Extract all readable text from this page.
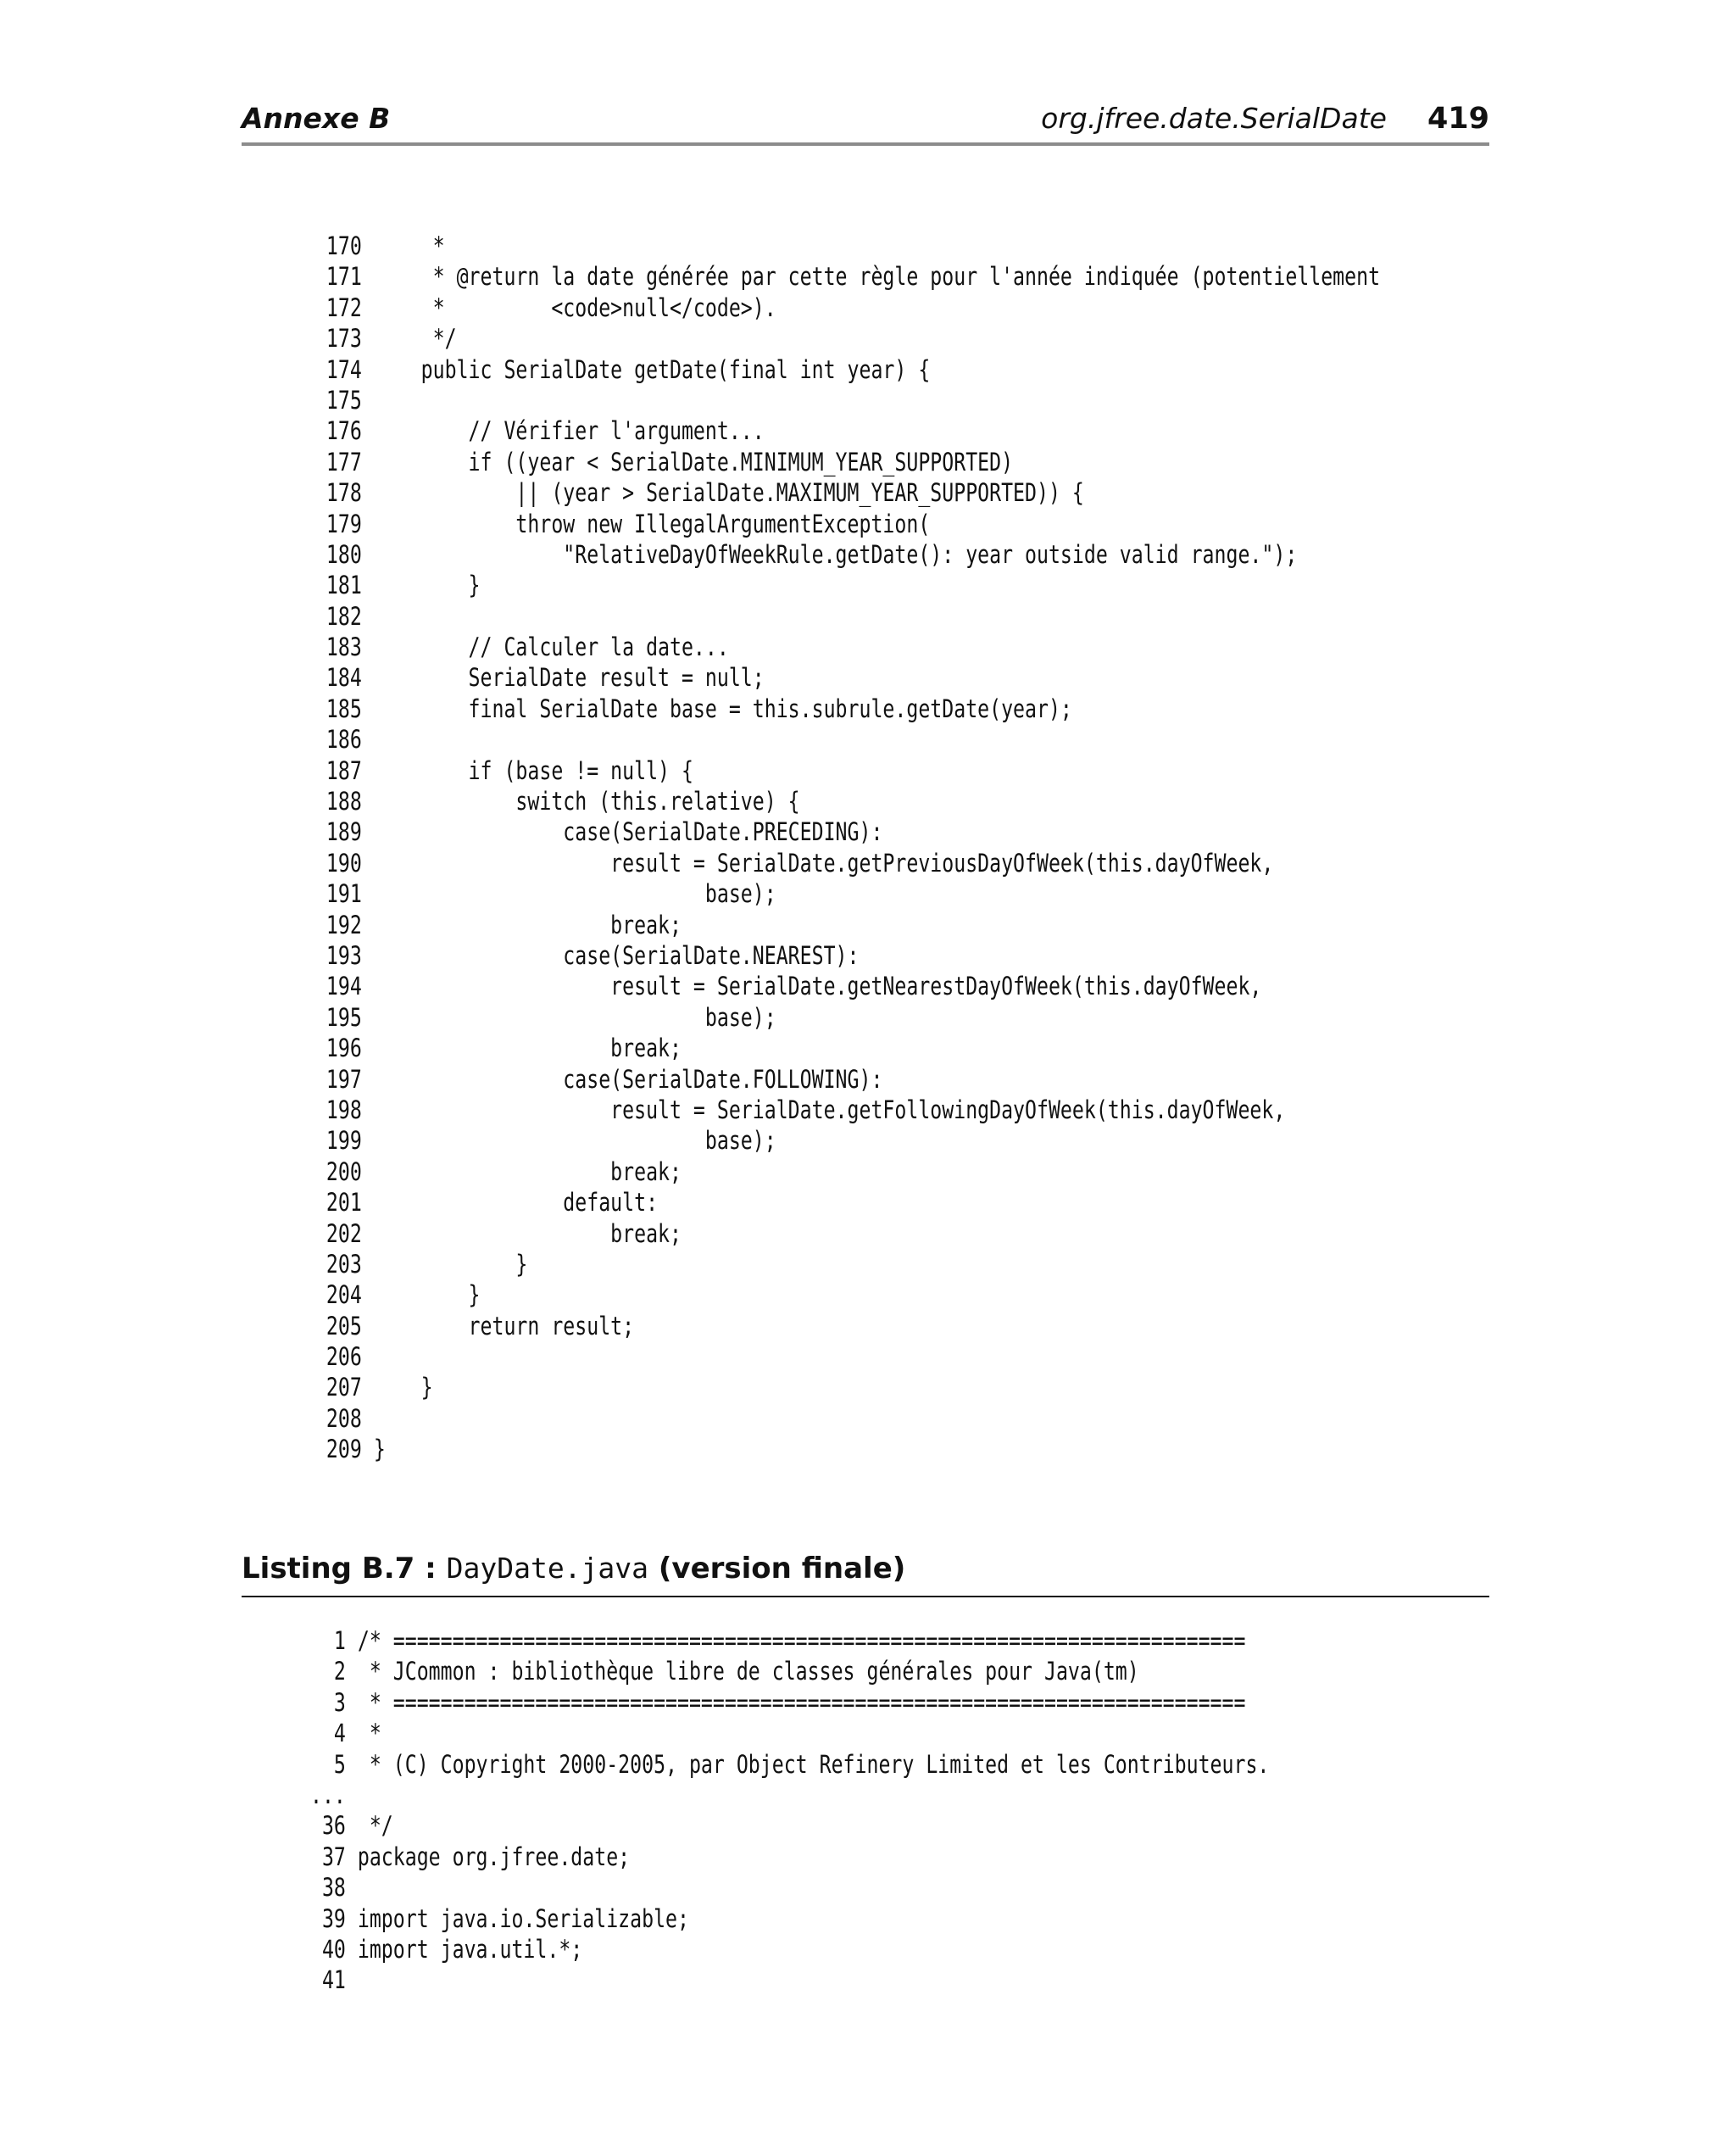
Annexe B	org.jfree.date.SerialDate 419
170      *
171      * @return la date générée par cette règle pour l'année indiquée (potentiellement
172      *         <code>null</code>).
173      */
174     public SerialDate getDate(final int year) {
175
176         // Vérifier l'argument...
177         if ((year < SerialDate.MINIMUM_YEAR_SUPPORTED)
178             || (year > SerialDate.MAXIMUM_YEAR_SUPPORTED)) {
179             throw new IllegalArgumentException(
180                 "RelativeDayOfWeekRule.getDate(): year outside valid range.");
181         }
182
183         // Calculer la date...
184         SerialDate result = null;
185         final SerialDate base = this.subrule.getDate(year);
186
187         if (base != null) {
188             switch (this.relative) {
189                 case(SerialDate.PRECEDING):
190                     result = SerialDate.getPreviousDayOfWeek(this.dayOfWeek,
191                             base);
192                     break;
193                 case(SerialDate.NEAREST):
194                     result = SerialDate.getNearestDayOfWeek(this.dayOfWeek,
195                             base);
196                     break;
197                 case(SerialDate.FOLLOWING):
198                     result = SerialDate.getFollowingDayOfWeek(this.dayOfWeek,
199                             base);
200                     break;
201                 default:
202                     break;
203             }
204         }
205         return result;
206
207     }
208
209 }
Listing B.7 : DayDate.java (version finale)
1 /* ========================================================================
2  * JCommon : bibliothèque libre de classes générales pour Java(tm)
3  * ========================================================================
4  *
5  * (C) Copyright 2000-2005, par Object Refinery Limited et les Contributeurs.
...
36  */
37 package org.jfree.date;
38
39 import java.io.Serializable;
40 import java.util.*;
41
